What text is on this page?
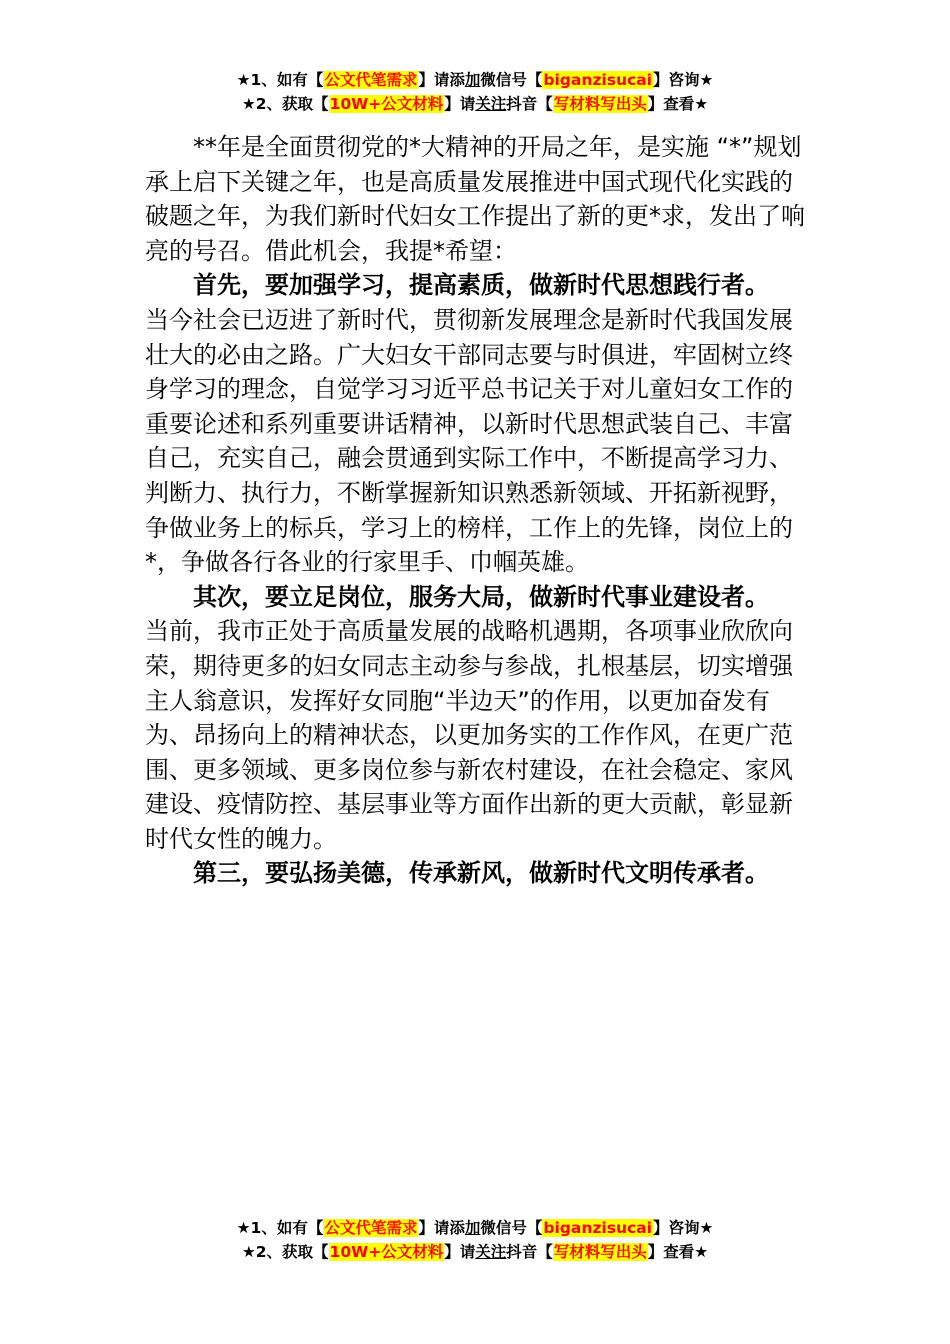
★1、如有【公文代笔需求】请添加微信号【biganzisucai】咨询★
★2、获取【10W+公文材料】请关注抖音【写材料写出头】查看★

**年是全面贯彻党的*大精神的开局之年，是实施 “*”规划承上启下关键之年，也是高质量发展推进中国式现代化实践的破题之年，为我们新时代妇女工作提出了新的更*求，发出了响亮的号召。借此机会，我提*希望：

首先，要加强学习，提高素质，做新时代思想践行者。

当今社会已迈进了新时代，贯彻新发展理念是新时代我国发展壮大的必由之路。广大妇女干部同志要与时俱进，牢固树立终身学习的理念，自觉学习习近平总书记关于对儿童妇女工作的重要论述和系列重要讲话精神，以新时代思想武装自己、丰富自己，充实自己，融会贯通到实际工作中，不断提高学习力、判断力、执行力，不断掌握新知识熟悉新领域、开拓新视野，争做业务上的标兵，学习上的榜样，工作上的先锋，岗位上的*，争做各行各业的行家里手、巾帼英雄。

其次，要立足岗位，服务大局，做新时代事业建设者。

当前，我市正处于高质量发展的战略机遇期，各项事业欣欣向荣，期待更多的妇女同志主动参与参战，扎根基层，切实增强主人翁意识，发挥好女同胞“半边天”的作用，以更加奋发有为、昂扬向上的精神状态，以更加务实的工作作风，在更广范围、更多领域、更多岗位参与新农村建设，在社会稳定、家风建设、疫情防控、基层事业等方面作出新的更大贡献，彰显新时代女性的魄力。

第三，要弘扬美德，传承新风，做新时代文明传承者。

★1、如有【公文代笔需求】请添加微信号【biganzisucai】咨询★
★2、获取【10W+公文材料】请关注抖音【写材料写出头】查看★
